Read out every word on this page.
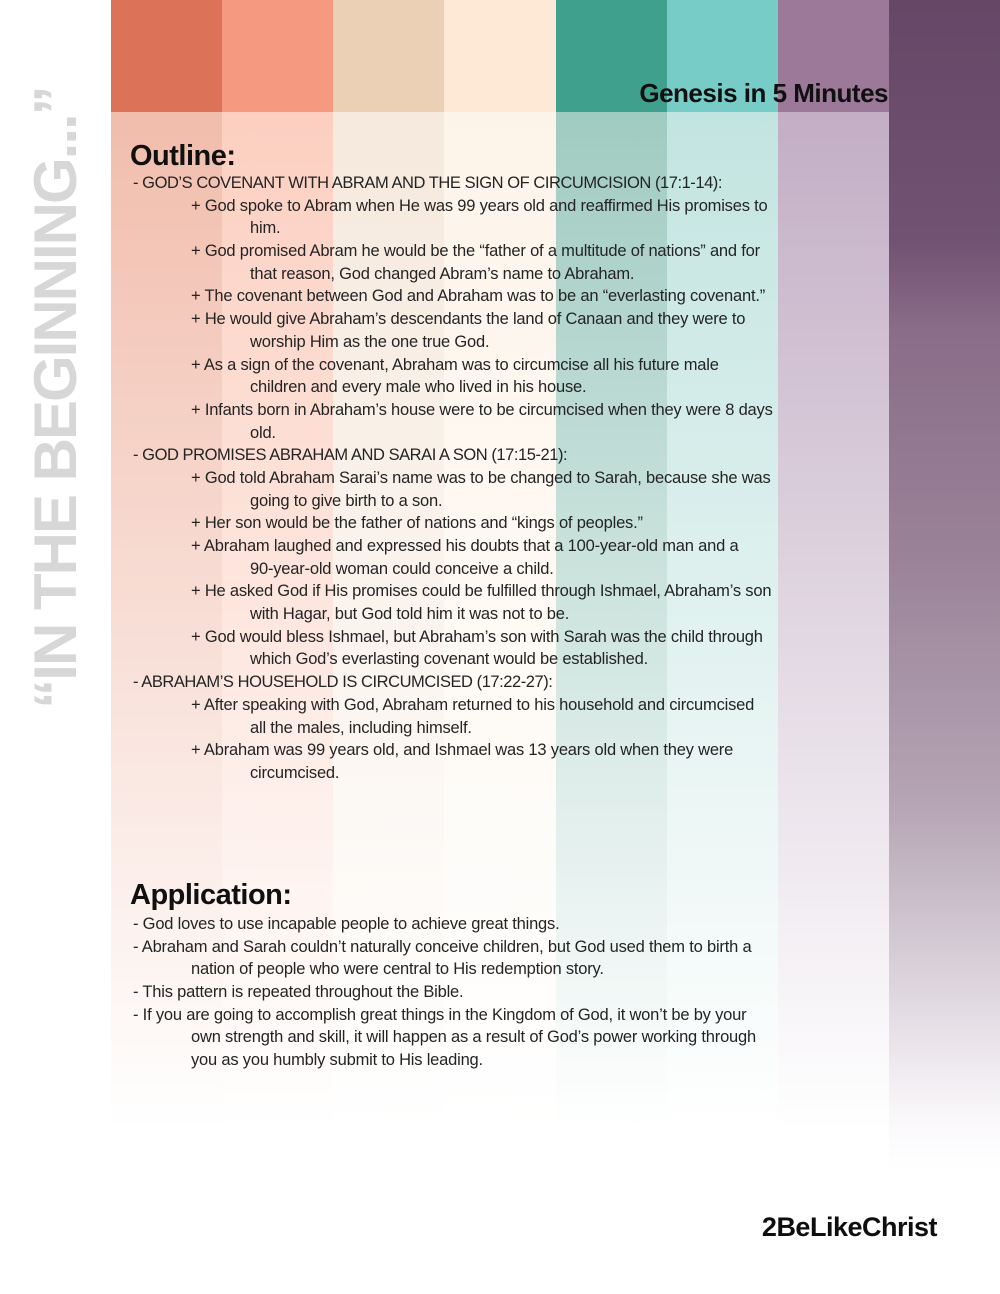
“IN THE BEGINNING...”	Genesis in 5 Minutes
Outline:
- GOD’S COVENANT WITH ABRAM AND THE SIGN OF CIRCUMCISION (17:1-14):
+ God spoke to Abram when He was 99 years old and reaffirmed His promises to
him.
+ God promised Abram he would be the “father of a multitude of nations” and for
that reason, God changed Abram’s name to Abraham.
+ The covenant between God and Abraham was to be an “everlasting covenant.”
+ He would give Abraham’s descendants the land of Canaan and they were to
worship Him as the one true God.
+ As a sign of the covenant, Abraham was to circumcise all his future male
children and every male who lived in his house.
+ Infants born in Abraham’s house were to be circumcised when they were 8 days
old.
- GOD PROMISES ABRAHAM AND SARAI A SON (17:15-21):
+ God told Abraham Sarai’s name was to be changed to Sarah, because she was
going to give birth to a son.
+ Her son would be the father of nations and “kings of peoples.”
+ Abraham laughed and expressed his doubts that a 100-year-old man and a
90-year-old woman could conceive a child.
+ He asked God if His promises could be fulfilled through Ishmael, Abraham’s son
with Hagar, but God told him it was not to be.
+ God would bless Ishmael, but Abraham’s son with Sarah was the child through
which God’s everlasting covenant would be established.
- ABRAHAM’S HOUSEHOLD IS CIRCUMCISED (17:22-27):
+ After speaking with God, Abraham returned to his household and circumcised
all the males, including himself.
+ Abraham was 99 years old, and Ishmael was 13 years old when they were
circumcised.
Application:
- God loves to use incapable people to achieve great things.
- Abraham and Sarah couldn’t naturally conceive children, but God used them to birth a
nation of people who were central to His redemption story.
- This pattern is repeated throughout the Bible.
- If you are going to accomplish great things in the Kingdom of God, it won’t be by your
own strength and skill, it will happen as a result of God’s power working through
you as you humbly submit to His leading.
2BeLikeChrist
